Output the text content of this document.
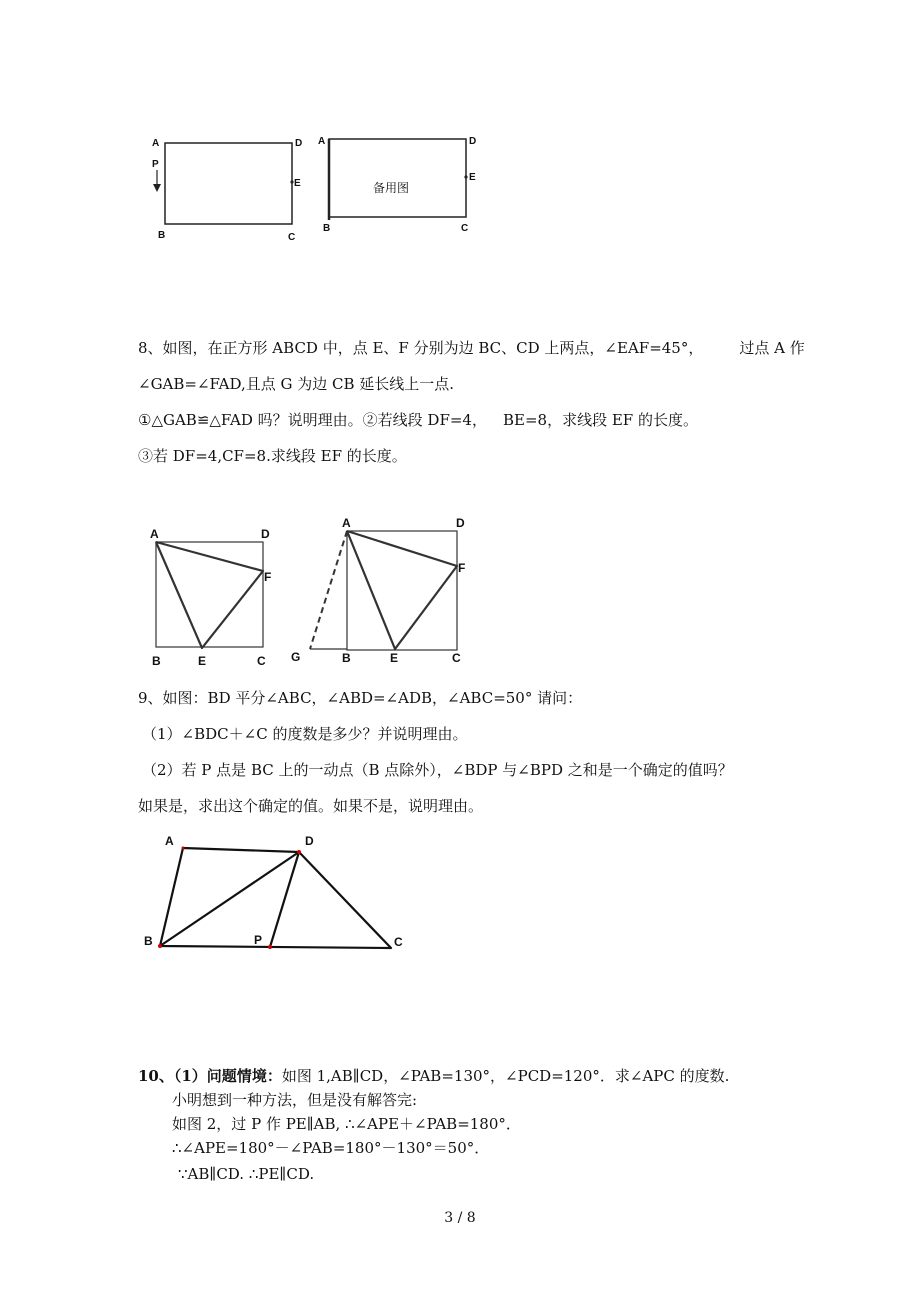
A
P
B	C
D
E
A
B	C
D
E
备用图
8、如图，在正方形 ABCD 中，点 E、F 分别为边 BC、CD 上两点，∠EAF=45°， 过点 A 作
∠GAB=∠FAD,且点 G 为边 CB 延长线上一点.
①△GAB≌△FAD 吗？说明理由。②若线段 DF=4， BE=8，求线段 EF 的长度。
③若 DF=4,CF=8.求线段 EF 的长度。
A	D
F
B	E	C
A	D
F
G	B	E	C
9、如图：BD 平分∠ABC，∠ABD=∠ADB，∠ABC=50° 请问：
（1）∠BDC＋∠C 的度数是多少？并说明理由。
（2）若 P 点是 BC 上的一动点（B 点除外），∠BDP 与∠BPD 之和是一个确定的值吗？
如果是，求出这个确定的值。如果不是，说明理由。
A	D
B	P	C
10、（1）问题情境：如图 1,AB∥CD，∠PAB=130°，∠PCD=120°．求∠APC 的度数.
小明想到一种方法，但是没有解答完:
如图 2，过 P 作 PE∥AB, ∴∠APE＋∠PAB=180°．
∴∠APE=180°－∠PAB=180°－130°＝50°．
∵AB∥CD. ∴PE∥CD.
3 / 8
